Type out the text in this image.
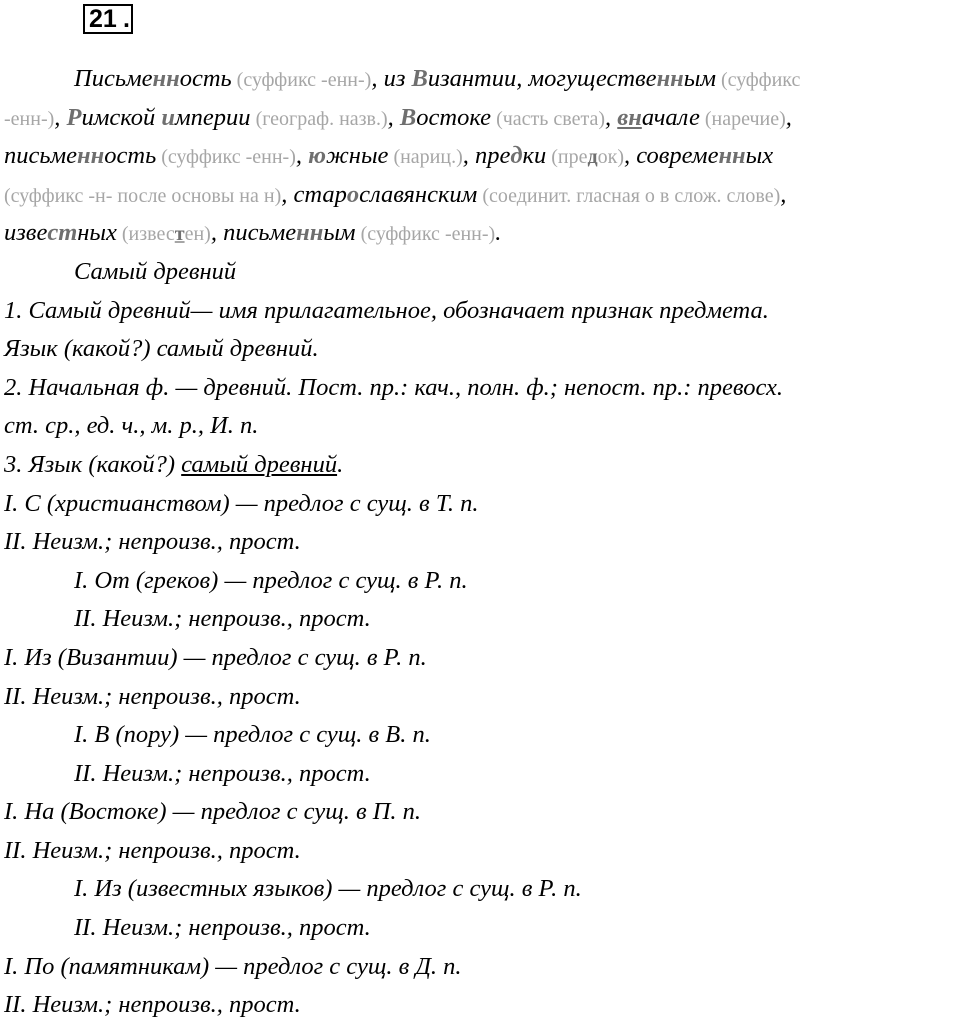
21 .
Письменность (суффикс -енн-), из Византии, могущественным (суффикс
-енн-), Римской империи (географ. назв.), Востоке (часть света), вначале (наречие),
письменность (суффикс -енн-), южные (нариц.), предки (предок), современных
(суффикс -н- после основы на н), старославянским (соединит. гласная о в слож. слове),
известных (известен), письменным (суффикс -енн-).
Самый древний
1. Самый древний— имя прилагательное, обозначает признак предмета.
Язык (какой?) самый древний.
2. Начальная ф. — древний. Пост. пр.: кач., полн. ф.; непост. пр.: превосх.
ст. ср., ед. ч., м. р., И. п.
3. Язык (какой?) самый древний.
I. С (христианством) — предлог с сущ. в Т. п.
II. Неизм.; непроизв., прост.
I. От (греков) — предлог с сущ. в Р. п.
II. Неизм.; непроизв., прост.
I. Из (Византии) — предлог с сущ. в Р. п.
II. Неизм.; непроизв., прост.
I. В (пору) — предлог с сущ. в В. п.
II. Неизм.; непроизв., прост.
I. На (Востоке) — предлог с сущ. в П. п.
II. Неизм.; непроизв., прост.
I. Из (известных языков) — предлог с сущ. в Р. п.
II. Неизм.; непроизв., прост.
I. По (памятникам) — предлог с сущ. в Д. п.
II. Неизм.; непроизв., прост.
